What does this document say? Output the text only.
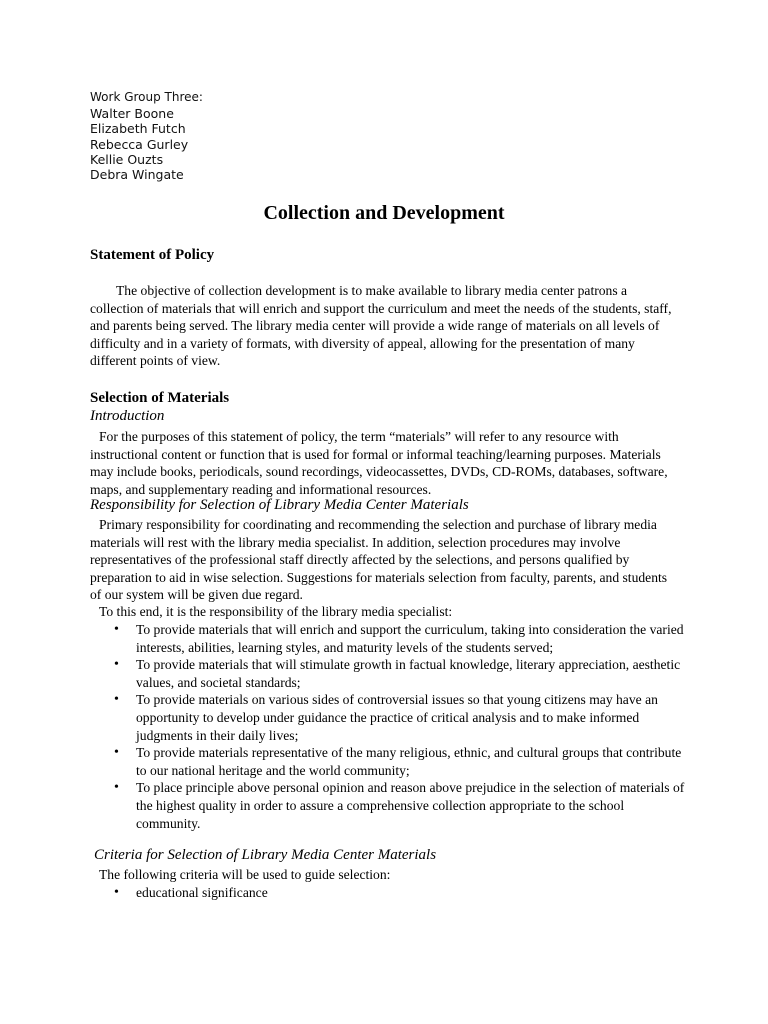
Work Group Three:
Walter Boone
Elizabeth Futch
Rebecca Gurley
Kellie Ouzts
Debra Wingate
Collection and Development
Statement of Policy

The objective of collection development is to make available to library media center patrons a collection of materials that will enrich and support the curriculum and meet the needs of the students, staff, and parents being served. The library media center will provide a wide range of materials on all levels of difficulty and in a variety of formats, with diversity of appeal, allowing for the presentation of many different points of view.

Selection of Materials
Introduction

For the purposes of this statement of policy, the term “materials” will refer to any resource with instructional content or function that is used for formal or informal teaching/learning purposes. Materials may include books, periodicals, sound recordings, videocassettes, DVDs, CD-ROMs, databases, software, maps, and supplementary reading and informational resources.

Responsibility for Selection of Library Media Center Materials

Primary responsibility for coordinating and recommending the selection and purchase of library media materials will rest with the library media specialist. In addition, selection procedures may involve representatives of the professional staff directly affected by the selections, and persons qualified by preparation to aid in wise selection. Suggestions for materials selection from faculty, parents, and students of our system will be given due regard.

To this end, it is the responsibility of the library media specialist:

• To provide materials that will enrich and support the curriculum, taking into consideration the varied interests, abilities, learning styles, and maturity levels of the students served;
• To provide materials that will stimulate growth in factual knowledge, literary appreciation, aesthetic values, and societal standards;
• To provide materials on various sides of controversial issues so that young citizens may have an opportunity to develop under guidance the practice of critical analysis and to make informed judgments in their daily lives;
• To provide materials representative of the many religious, ethnic, and cultural groups that contribute to our national heritage and the world community;
• To place principle above personal opinion and reason above prejudice in the selection of materials of the highest quality in order to assure a comprehensive collection appropriate to the school community.
Criteria for Selection of Library Media Center Materials

The following criteria will be used to guide selection:

• educational significance
